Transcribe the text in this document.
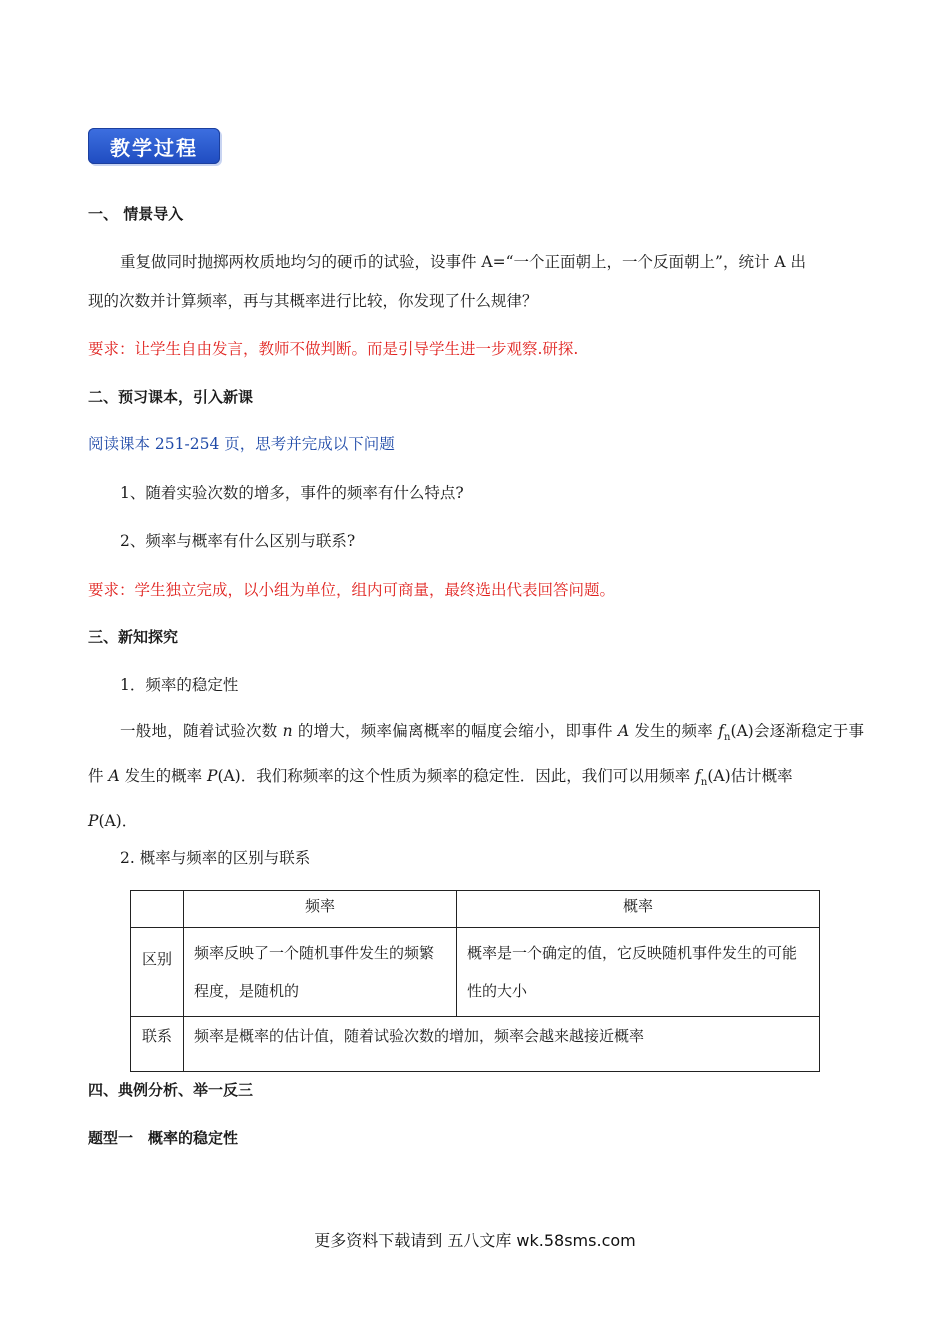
教学过程
一、 情景导入
重复做同时抛掷两枚质地均匀的硬币的试验，设事件 A=“一个正面朝上，一个反面朝上”，统计 A 出
现的次数并计算频率，再与其概率进行比较，你发现了什么规律？
要求：让学生自由发言，教师不做判断。而是引导学生进一步观察.研探.
二、预习课本，引入新课
阅读课本 251-254 页，思考并完成以下问题
1、随着实验次数的增多，事件的频率有什么特点?
2、频率与概率有什么区别与联系?
要求：学生独立完成，以小组为单位，组内可商量，最终选出代表回答问题。
三、新知探究
1．频率的稳定性
一般地，随着试验次数 n 的增大，频率偏离概率的幅度会缩小，即事件 A 发生的频率 $f_n(A)$会逐渐稳定于事件 A 发生的概率 P(A)．我们称频率的这个性质为频率的稳定性．因此，我们可以用频率 $f_n(A)$估计概率
P(A)．
2. 概率与频率的区别与联系
	频率	概率
区别	频率反映了一个随机事件发生的频繁程度，是随机的	概率是一个确定的值，它反映随机事件发生的可能性的大小
联系	频率是概率的估计值，随着试验次数的增加，频率会越来越接近概率	
四、典例分析、举一反三
题型一　概率的稳定性
更多资料下载请到 五八文库 wk.58sms.com
